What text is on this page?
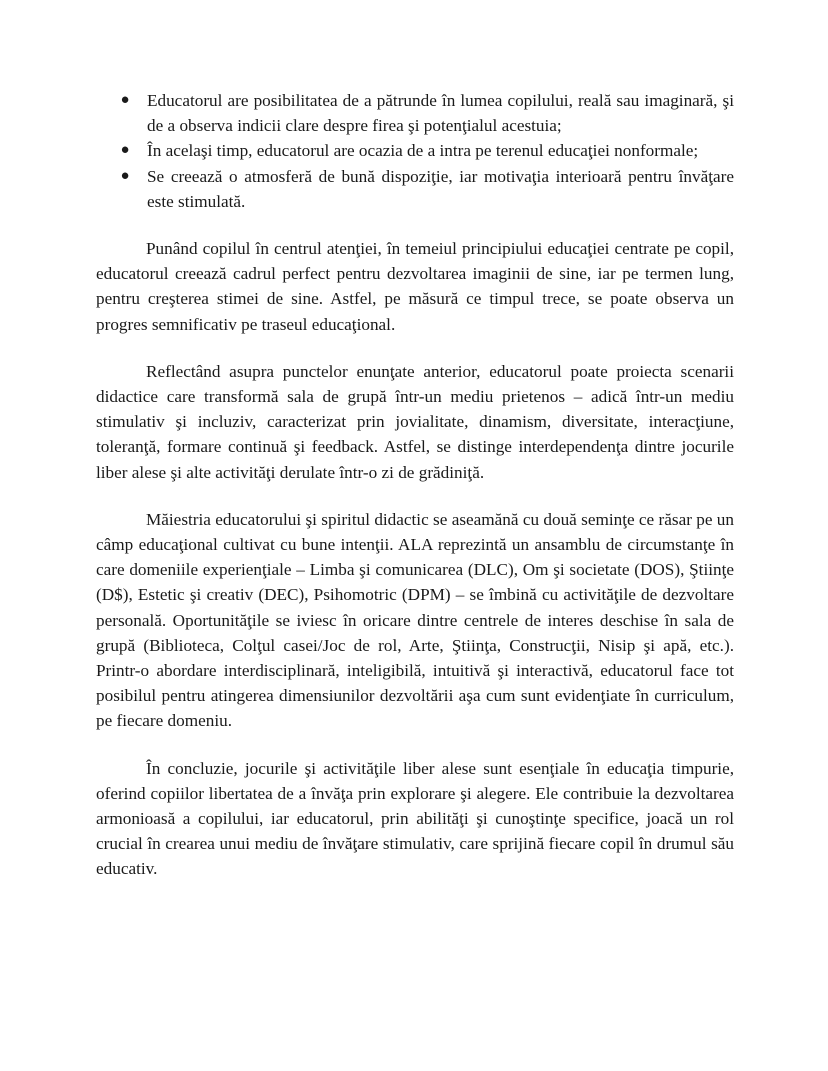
● Educatorul are posibilitatea de a pătrunde în lumea copilului, reală sau imaginară, şi de a observa indicii clare despre firea şi potenţialul acestuia;
● În acelaşi timp, educatorul are ocazia de a intra pe terenul educaţiei nonformale;
● Se creează o atmosferă de bună dispoziţie, iar motivaţia interioară pentru învăţare este stimulată.

Punând copilul în centrul atenţiei, în temeiul principiului educaţiei centrate pe copil, educatorul creează cadrul perfect pentru dezvoltarea imaginii de sine, iar pe termen lung, pentru creşterea stimei de sine. Astfel, pe măsură ce timpul trece, se poate observa un progres semnificativ pe traseul educaţional.

Reflectând asupra punctelor enunţate anterior, educatorul poate proiecta scenarii didactice care transformă sala de grupă într-un mediu prietenos – adică într-un mediu stimulativ şi incluziv, caracterizat prin jovialitate, dinamism, diversitate, interacţiune, toleranţă, formare continuă şi feedback. Astfel, se distinge interdependenţa dintre jocurile liber alese şi alte activităţi derulate într-o zi de grădiniţă.

Măiestria educatorului şi spiritul didactic se aseamănă cu două seminţe ce răsar pe un câmp educaţional cultivat cu bune intenţii. ALA reprezintă un ansamblu de circumstanţe în care domeniile experienţiale – Limba şi comunicarea (DLC), Om şi societate (DOS), Ştiinţe (D$), Estetic şi creativ (DEC), Psihomotric (DPM) – se îmbină cu activităţile de dezvoltare personală. Oportunităţile se iviesc în oricare dintre centrele de interes deschise în sala de grupă (Biblioteca, Colţul casei/Joc de rol, Arte, Ştiinţa, Construcţii, Nisip şi apă, etc.). Printr-o abordare interdisciplinară, inteligibilă, intuitivă şi interactivă, educatorul face tot posibilul pentru atingerea dimensiunilor dezvoltării aşa cum sunt evidenţiate în curriculum, pe fiecare domeniu.

În concluzie, jocurile şi activităţile liber alese sunt esenţiale în educaţia timpurie, oferind copiilor libertatea de a învăţa prin explorare şi alegere. Ele contribuie la dezvoltarea armonioasă a copilului, iar educatorul, prin abilităţi şi cunoştinţe specifice, joacă un rol crucial în crearea unui mediu de învăţare stimulativ, care sprijină fiecare copil în drumul său educativ.
